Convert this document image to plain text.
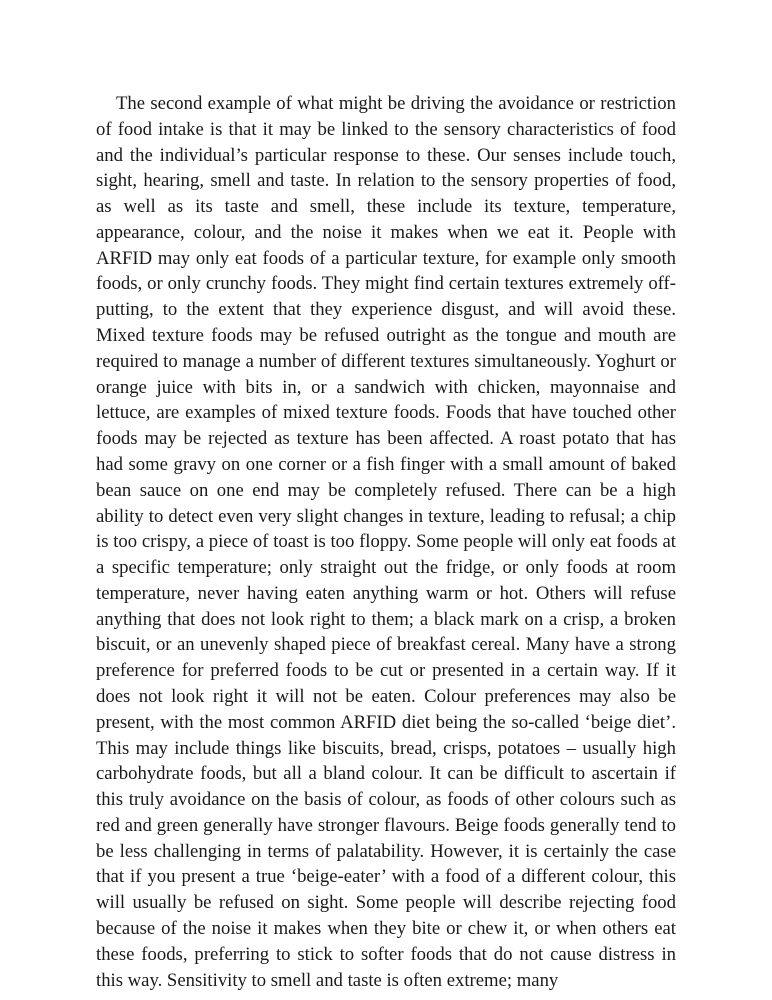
The second example of what might be driving the avoidance or restriction of food intake is that it may be linked to the sensory characteristics of food and the individual’s particular response to these. Our senses include touch, sight, hearing, smell and taste. In relation to the sensory properties of food, as well as its taste and smell, these include its texture, temperature, appearance, colour, and the noise it makes when we eat it. People with ARFID may only eat foods of a particular texture, for example only smooth foods, or only crunchy foods. They might find certain textures extremely off-putting, to the extent that they experience disgust, and will avoid these. Mixed texture foods may be refused outright as the tongue and mouth are required to manage a number of different textures simultaneously. Yoghurt or orange juice with bits in, or a sandwich with chicken, mayonnaise and lettuce, are examples of mixed texture foods. Foods that have touched other foods may be rejected as texture has been affected. A roast potato that has had some gravy on one corner or a fish finger with a small amount of baked bean sauce on one end may be completely refused. There can be a high ability to detect even very slight changes in texture, leading to refusal; a chip is too crispy, a piece of toast is too floppy. Some people will only eat foods at a specific temperature; only straight out the fridge, or only foods at room temperature, never having eaten anything warm or hot. Others will refuse anything that does not look right to them; a black mark on a crisp, a broken biscuit, or an unevenly shaped piece of breakfast cereal. Many have a strong preference for preferred foods to be cut or presented in a certain way. If it does not look right it will not be eaten. Colour preferences may also be present, with the most common ARFID diet being the so-called ‘beige diet’. This may include things like biscuits, bread, crisps, potatoes – usually high carbohydrate foods, but all a bland colour. It can be difficult to ascertain if this truly avoidance on the basis of colour, as foods of other colours such as red and green generally have stronger flavours. Beige foods generally tend to be less challenging in terms of palatability. However, it is certainly the case that if you present a true ‘beige-eater’ with a food of a different colour, this will usually be refused on sight. Some people will describe rejecting food because of the noise it makes when they bite or chew it, or when others eat these foods, preferring to stick to softer foods that do not cause distress in this way. Sensitivity to smell and taste is often extreme; many
